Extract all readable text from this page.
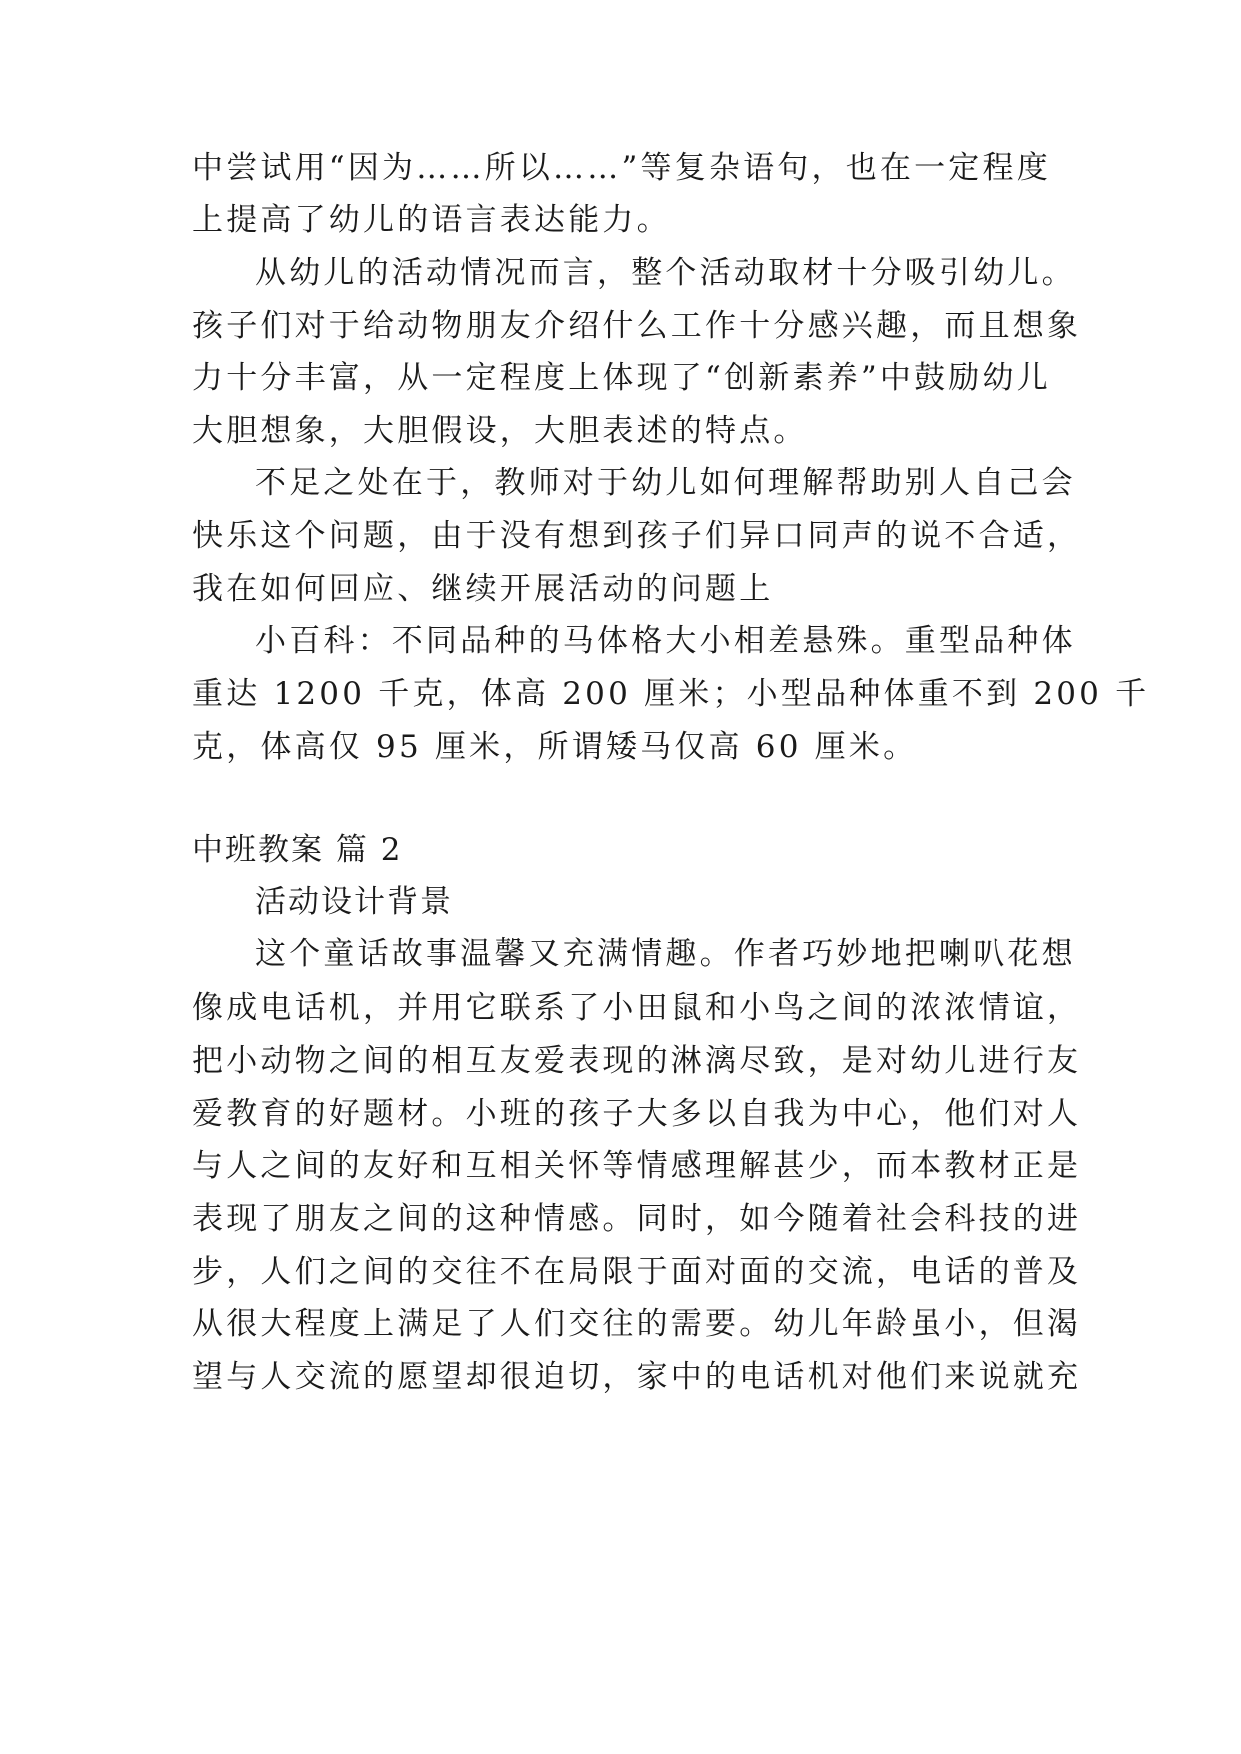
中尝试用“因为……所以……”等复杂语句，也在一定程度
上提高了幼儿的语言表达能力。
从幼儿的活动情况而言，整个活动取材十分吸引幼儿。
孩子们对于给动物朋友介绍什么工作十分感兴趣，而且想象
力十分丰富，从一定程度上体现了“创新素养”中鼓励幼儿
大胆想象，大胆假设，大胆表述的特点。
不足之处在于，教师对于幼儿如何理解帮助别人自己会
快乐这个问题，由于没有想到孩子们异口同声的说不合适，
我在如何回应、继续开展活动的问题上
小百科：不同品种的马体格大小相差悬殊。重型品种体
重达 1200 千克，体高 200 厘米；小型品种体重不到 200 千
克，体高仅 95 厘米，所谓矮马仅高 60 厘米。
中班教案 篇 2
活动设计背景
这个童话故事温馨又充满情趣。作者巧妙地把喇叭花想
像成电话机，并用它联系了小田鼠和小鸟之间的浓浓情谊，
把小动物之间的相互友爱表现的淋漓尽致，是对幼儿进行友
爱教育的好题材。小班的孩子大多以自我为中心，他们对人
与人之间的友好和互相关怀等情感理解甚少，而本教材正是
表现了朋友之间的这种情感。同时，如今随着社会科技的进
步，人们之间的交往不在局限于面对面的交流，电话的普及
从很大程度上满足了人们交往的需要。幼儿年龄虽小，但渴
望与人交流的愿望却很迫切，家中的电话机对他们来说就充
